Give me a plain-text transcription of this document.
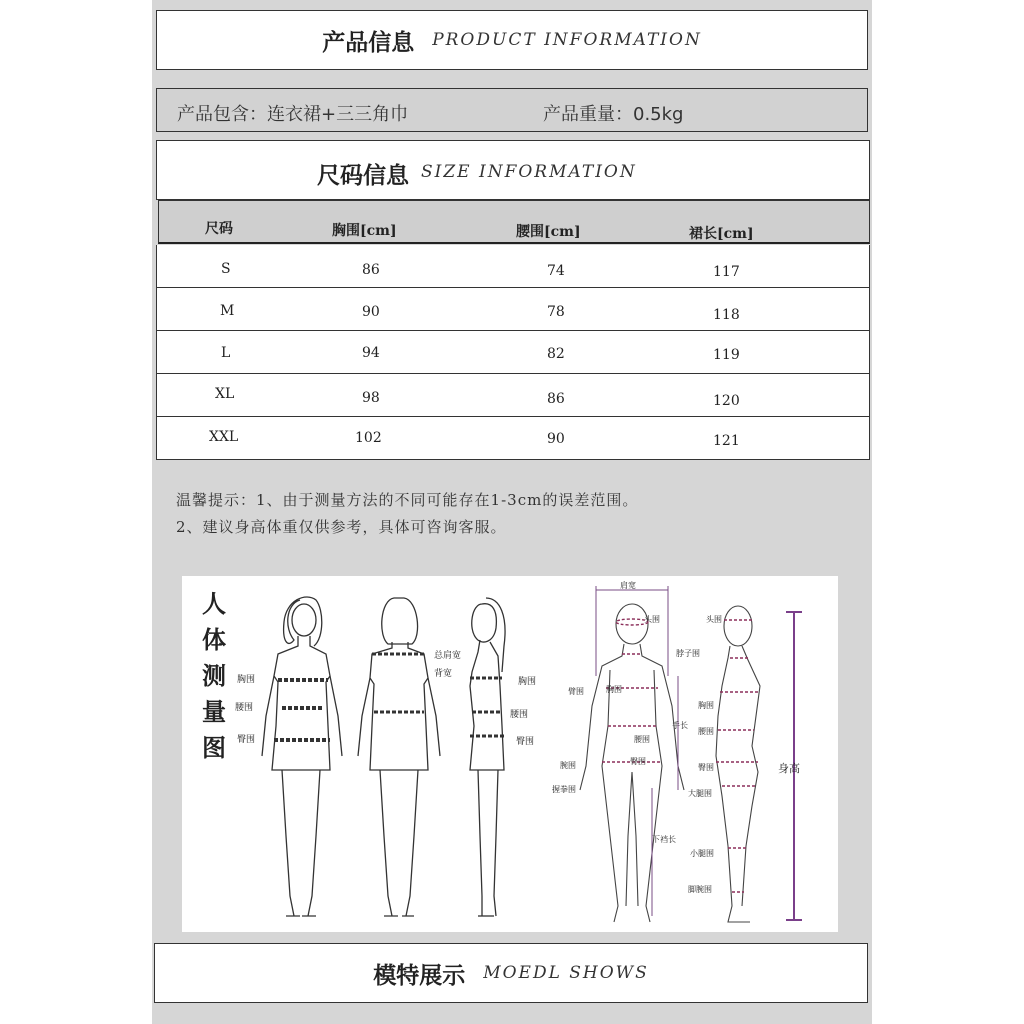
产品信息 PRODUCT INFORMATION
产品包含：连衣裙+三三角巾	产品重量：0.5kg
尺码信息 SIZE INFORMATION
尺码	胸围[cm]	腰围[cm]	裙长[cm]
S	86	74	117
M	90	78	118
L	94	82	119
XL	98	86	120
XXL	102	90	121
温馨提示：1、由于测量方法的不同可能存在1-3cm的误差范围。
2、建议身高体重仅供参考，具体可咨询客服。
人
体
测
量
图
胸围
腰围
臀围
总肩宽
背宽
胸围
腰围
臀围
肩宽
头围
脖子围
臂围	胸围
手长
腰围
臀围
腕围
握拳围
下裆长
头围
胸围
腰围
臀围
大腿围
小腿围
脚腕围
身高
模特展示 MOEDL SHOWS
